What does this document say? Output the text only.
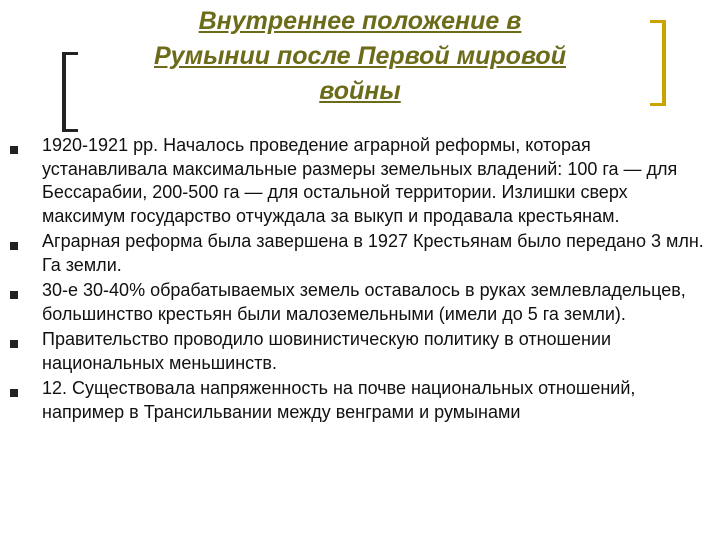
Внутреннее положение в
Румынии после Первой мировой
войны
1920-1921 рр. Началось проведение аграрной реформы, которая устанавливала максимальные размеры земельных владений: 100 га — для Бессарабии, 200-500 га — для остальной территории. Излишки сверх максимум государство отчуждала за выкуп и продавала крестьянам.
Аграрная реформа была завершена в 1927 Крестьянам было передано 3 млн. Га земли.
30-е 30-40% обрабатываемых земель оставалось в руках землевладельцев, большинство крестьян были малоземельными (имели до 5 га земли).
Правительство проводило шовинистическую политику в отношении национальных меньшинств.
12. Существовала напряженность на почве национальных отношений, например в Трансильвании между венграми и румынами
